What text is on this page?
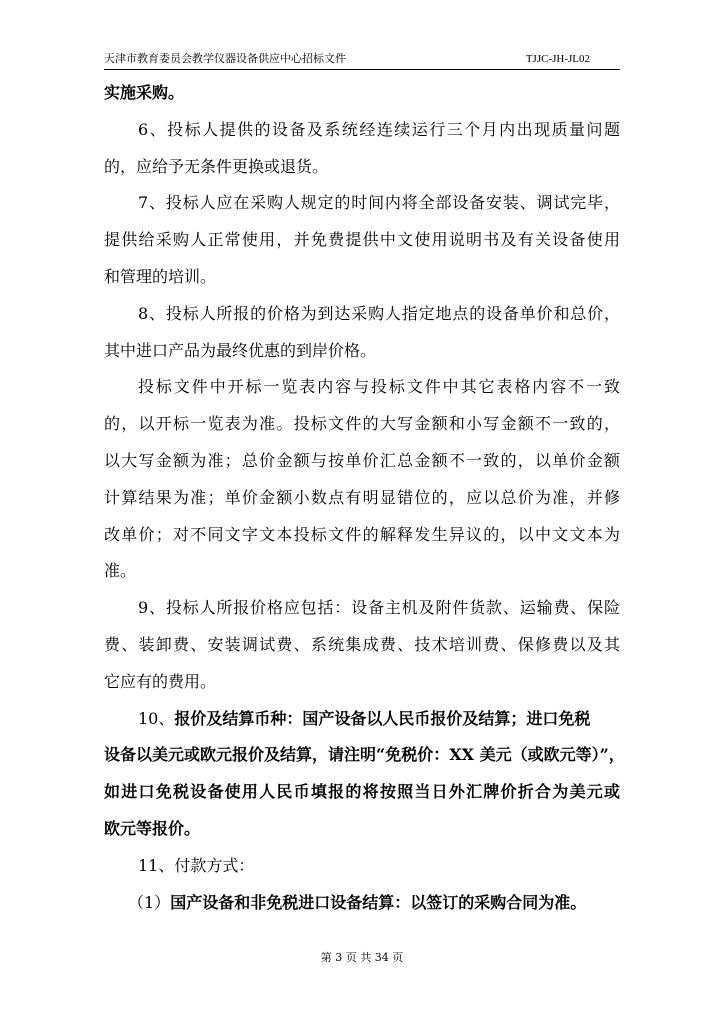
天津市教育委员会教学仪器设备供应中心招标文件	TJJC-JH-JL02
实施采购。
6、投标人提供的设备及系统经连续运行三个月内出现质量问题
的，应给予无条件更换或退货。
7、投标人应在采购人规定的时间内将全部设备安装、调试完毕，
提供给采购人正常使用，并免费提供中文使用说明书及有关设备使用
和管理的培训。
8、投标人所报的价格为到达采购人指定地点的设备单价和总价，
其中进口产品为最终优惠的到岸价格。
投标文件中开标一览表内容与投标文件中其它表格内容不一致
的，以开标一览表为准。投标文件的大写金额和小写金额不一致的，
以大写金额为准；总价金额与按单价汇总金额不一致的，以单价金额
计算结果为准；单价金额小数点有明显错位的，应以总价为准，并修
改单价；对不同文字文本投标文件的解释发生异议的，以中文文本为
准。
9、投标人所报价格应包括：设备主机及附件货款、运输费、保险
费、装卸费、安装调试费、系统集成费、技术培训费、保修费以及其
它应有的费用。
10、报价及结算币种：国产设备以人民币报价及结算；进口免税
设备以美元或欧元报价及结算，请注明“免税价：XX 美元（或欧元等）”，
如进口免税设备使用人民币填报的将按照当日外汇牌价折合为美元或
欧元等报价。
11、付款方式：
（1）国产设备和非免税进口设备结算：以签订的采购合同为准。
第 3 页 共 34 页
